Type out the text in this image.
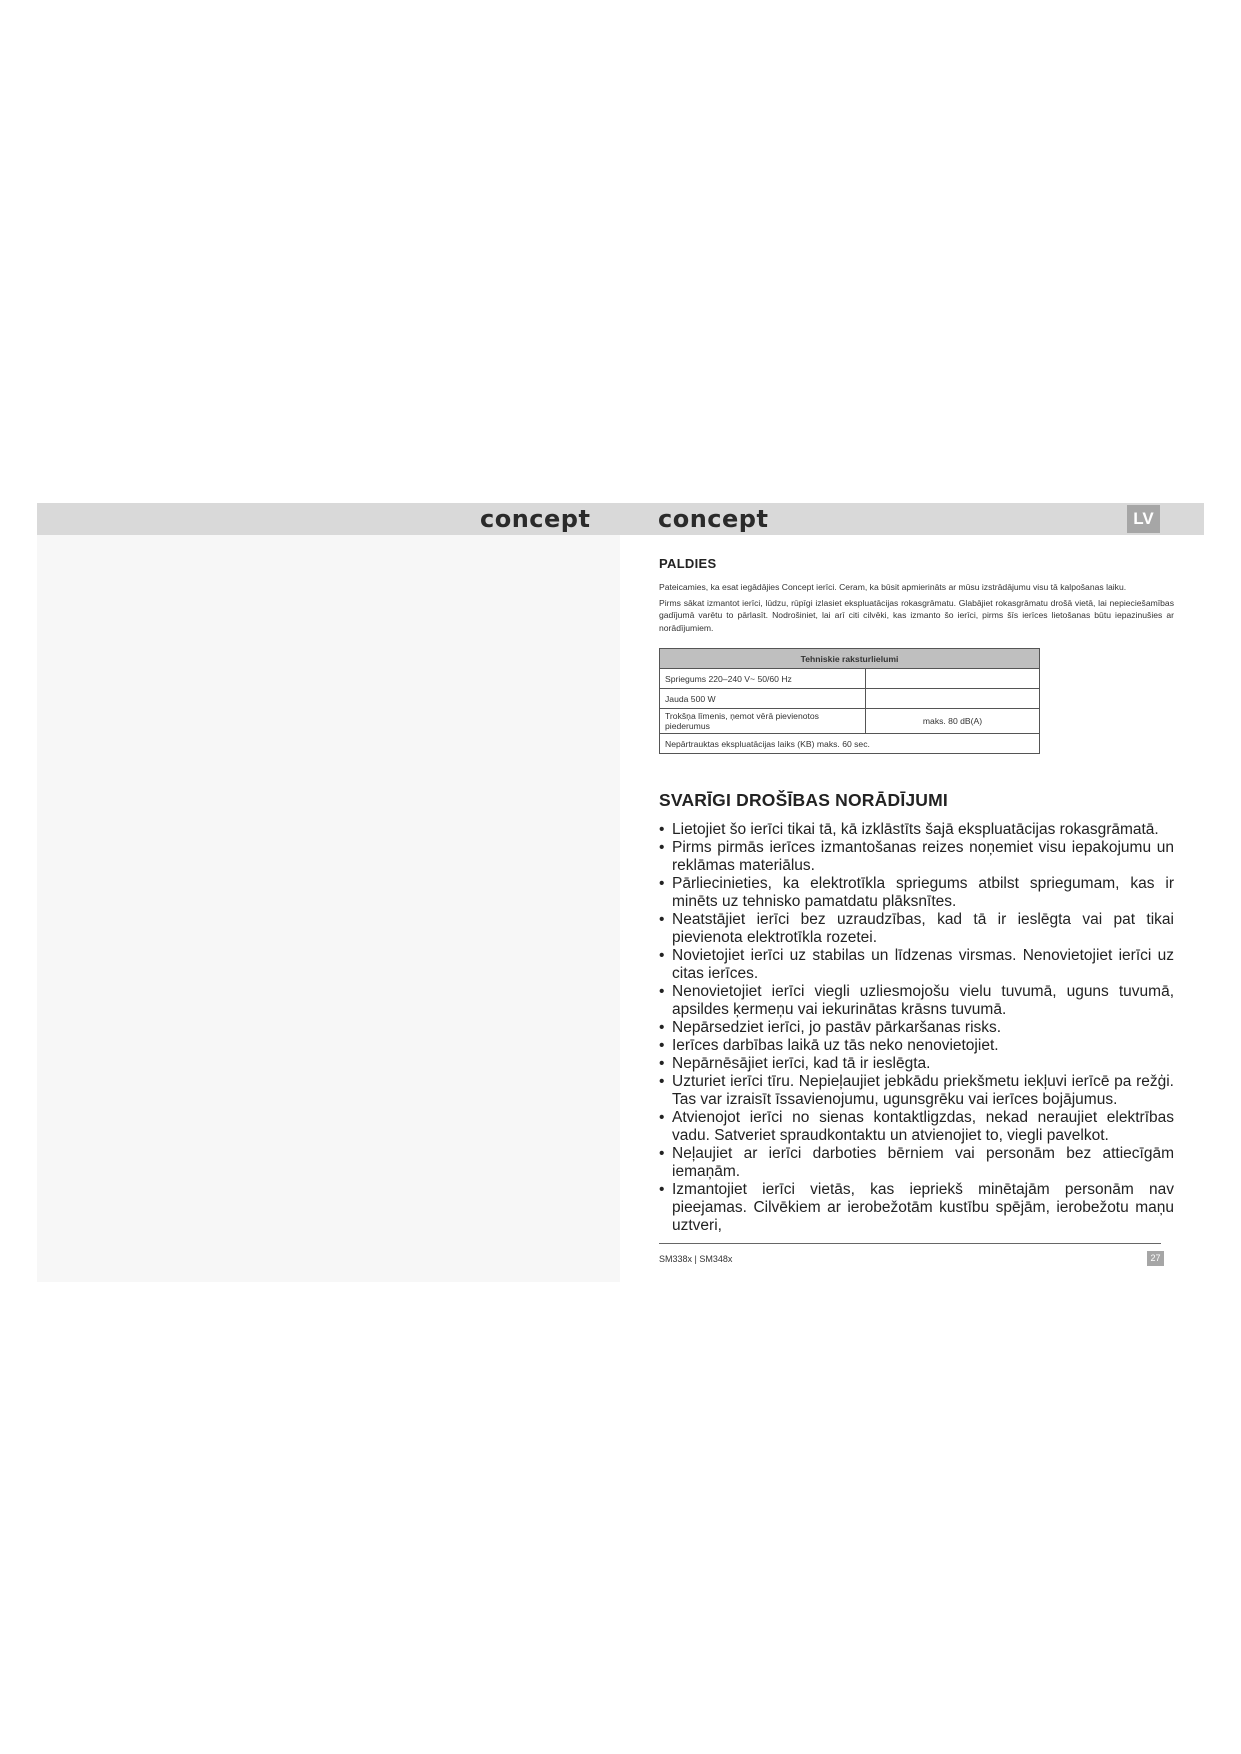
concept	concept	LV
PALDIES

Pateicamies, ka esat iegādājies Concept ierīci. Ceram, ka būsit apmierināts ar mūsu izstrādājumu visu tā kalpošanas laiku.

Pirms sākat izmantot ierīci, lūdzu, rūpīgi izlasiet ekspluatācijas rokasgrāmatu. Glabājiet rokasgrāmatu drošā vietā, lai nepieciešamības gadījumā varētu to pārlasīt. Nodrošiniet, lai arī citi cilvēki, kas izmanto šo ierīci, pirms šīs ierīces lietošanas būtu iepazinušies ar norādījumiem.

Tehniskie raksturlielumi	
Spriegums 220–240 V~ 50/60 Hz	
Jauda 500 W	
Trokšņa līmenis, ņemot vērā pievienotos piederumus	maks. 80 dB(A)
Nepārtrauktas ekspluatācijas laiks (KB) maks. 60 sec.	
SVARĪGI DROŠĪBAS NORĀDĪJUMI
• Lietojiet šo ierīci tikai tā, kā izklāstīts šajā ekspluatācijas rokasgrāmatā.
• Pirms pirmās ierīces izmantošanas reizes noņemiet visu iepakojumu un reklāmas materiālus.
• Pārliecinieties, ka elektrotīkla spriegums atbilst spriegumam, kas ir minēts uz tehnisko pamatdatu plāksnītes.
• Neatstājiet ierīci bez uzraudzības, kad tā ir ieslēgta vai pat tikai pievienota elektrotīkla rozetei.
• Novietojiet ierīci uz stabilas un līdzenas virsmas. Nenovietojiet ierīci uz citas ierīces.
• Nenovietojiet ierīci viegli uzliesmojošu vielu tuvumā, uguns tuvumā, apsildes ķermeņu vai iekurinātas krāsns tuvumā.
• Nepārsedziet ierīci, jo pastāv pārkaršanas risks.
• Ierīces darbības laikā uz tās neko nenovietojiet.
• Nepārnēsājiet ierīci, kad tā ir ieslēgta.
• Uzturiet ierīci tīru. Nepieļaujiet jebkādu priekšmetu iekļuvi ierīcē pa režģi. Tas var izraisīt īssavienojumu, ugunsgrēku vai ierīces bojājumus.
• Atvienojot ierīci no sienas kontaktligzdas, nekad neraujiet elektrības vadu. Satveriet spraudkontaktu un atvienojiet to, viegli pavelkot.
• Neļaujiet ar ierīci darboties bērniem vai personām bez attiecīgām iemaņām.
• Izmantojiet ierīci vietās, kas iepriekš minētajām personām nav pieejamas. Cilvēkiem ar ierobežotām kustību spējām, ierobežotu maņu uztveri,
SM338x | SM348x	27
